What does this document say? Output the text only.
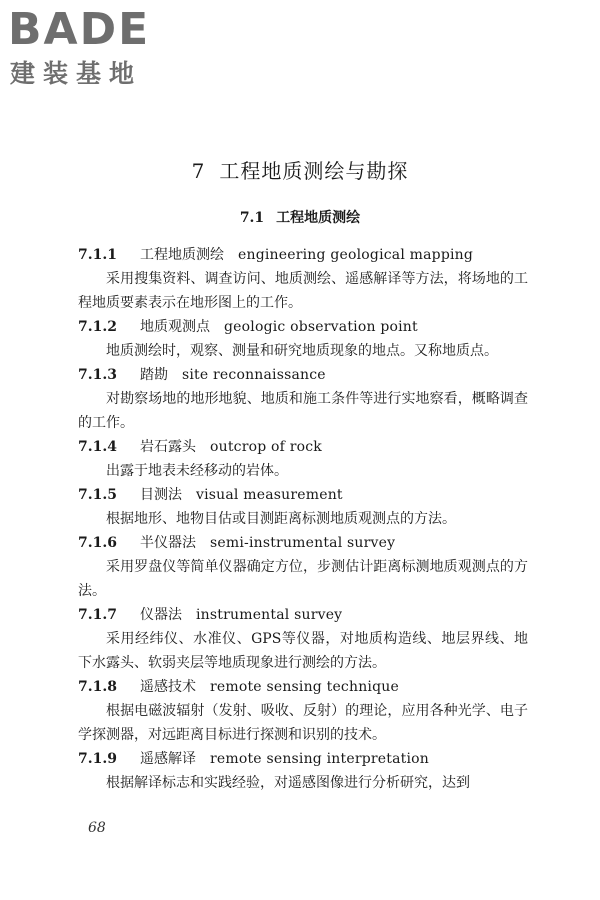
BADE
建装基地
7 工程地质测绘与勘探
7.1 工程地质测绘
7.1.1 工程地质测绘 engineering geological mapping

采用搜集资料、调查访问、地质测绘、遥感解译等方法，将场地的工程地质要素表示在地形图上的工作。

7.1.2 地质观测点 geologic observation point

地质测绘时，观察、测量和研究地质现象的地点。又称地质点。

7.1.3 踏勘 site reconnaissance

对勘察场地的地形地貌、地质和施工条件等进行实地察看，概略调查的工作。

7.1.4 岩石露头 outcrop of rock

出露于地表未经移动的岩体。

7.1.5 目测法 visual measurement

根据地形、地物目估或目测距离标测地质观测点的方法。

7.1.6 半仪器法 semi-instrumental survey

采用罗盘仪等简单仪器确定方位，步测估计距离标测地质观测点的方法。

7.1.7 仪器法 instrumental survey

采用经纬仪、水准仪、GPS等仪器，对地质构造线、地层界线、地下水露头、软弱夹层等地质现象进行测绘的方法。

7.1.8 遥感技术 remote sensing technique

根据电磁波辐射（发射、吸收、反射）的理论，应用各种光学、电子学探测器，对远距离目标进行探测和识别的技术。

7.1.9 遥感解译 remote sensing interpretation

根据解译标志和实践经验，对遥感图像进行分析研究，达到

68
